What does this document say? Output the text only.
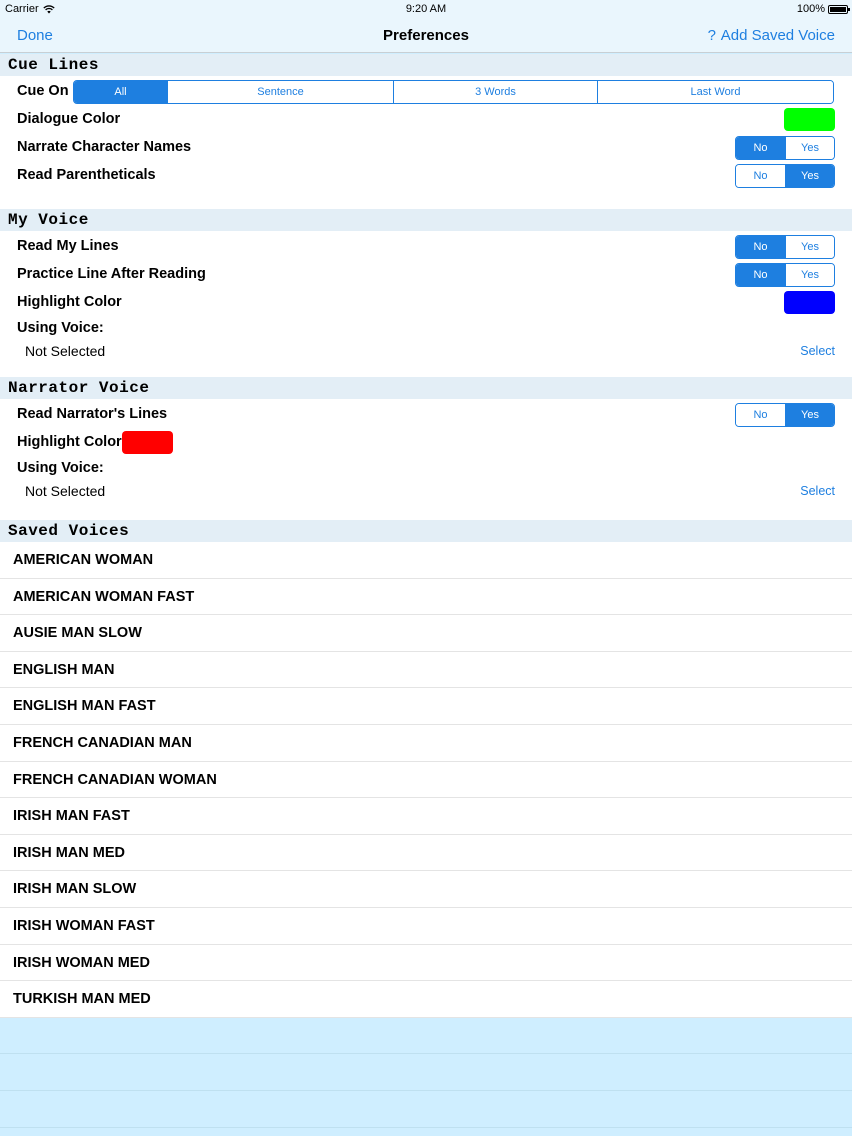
Carrier	9:20 AM	100%
Done	Preferences	? Add Saved Voice
Cue Lines
Cue On	All	Sentence	3 Words	Last Word
Dialogue Color
Narrate Character Names	No	Yes
Read Parentheticals	No	Yes
My Voice
Read My Lines	No	Yes
Practice Line After Reading	No	Yes
Highlight Color
Using Voice:
Not Selected	Select
Narrator Voice
Read Narrator's Lines	No	Yes
Highlight Color
Using Voice:
Not Selected	Select
Saved Voices
AMERICAN WOMAN
AMERICAN WOMAN FAST
AUSIE MAN SLOW
ENGLISH MAN
ENGLISH MAN FAST
FRENCH CANADIAN MAN
FRENCH CANADIAN WOMAN
IRISH MAN FAST
IRISH MAN MED
IRISH MAN SLOW
IRISH WOMAN FAST
IRISH WOMAN MED
TURKISH MAN MED
